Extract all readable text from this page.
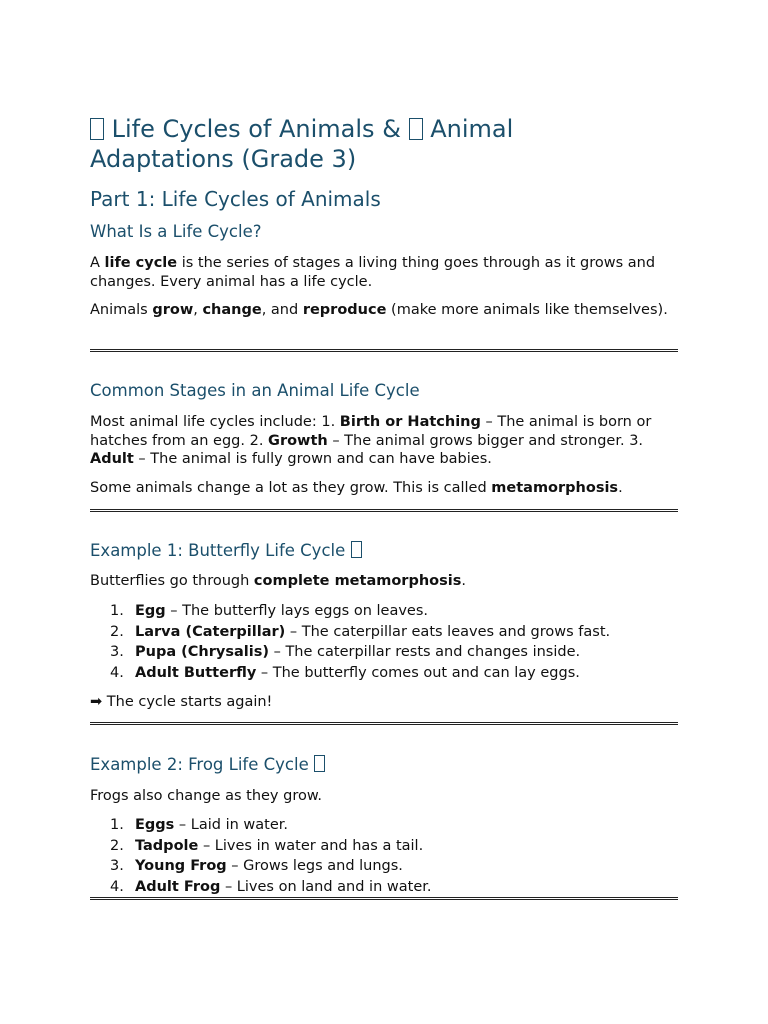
Life Cycles of Animals & Animal
Adaptations (Grade 3)
Part 1: Life Cycles of Animals
What Is a Life Cycle?

A life cycle is the series of stages a living thing goes through as it grows and changes. Every animal has a life cycle.

Animals grow, change, and reproduce (make more animals like themselves).

Common Stages in an Animal Life Cycle

Most animal life cycles include: 1. Birth or Hatching – The animal is born or hatches from an egg. 2. Growth – The animal grows bigger and stronger. 3. Adult – The animal is fully grown and can have babies.

Some animals change a lot as they grow. This is called metamorphosis.

Example 1: Butterfly Life Cycle

Butterflies go through complete metamorphosis.

1. Egg – The butterfly lays eggs on leaves.
2. Larva (Caterpillar) – The caterpillar eats leaves and grows fast.
3. Pupa (Chrysalis) – The caterpillar rests and changes inside.
4. Adult Butterfly – The butterfly comes out and can lay eggs.

➡ The cycle starts again!

Example 2: Frog Life Cycle

Frogs also change as they grow.

1. Eggs – Laid in water.
2. Tadpole – Lives in water and has a tail.
3. Young Frog – Grows legs and lungs.
4. Adult Frog – Lives on land and in water.
